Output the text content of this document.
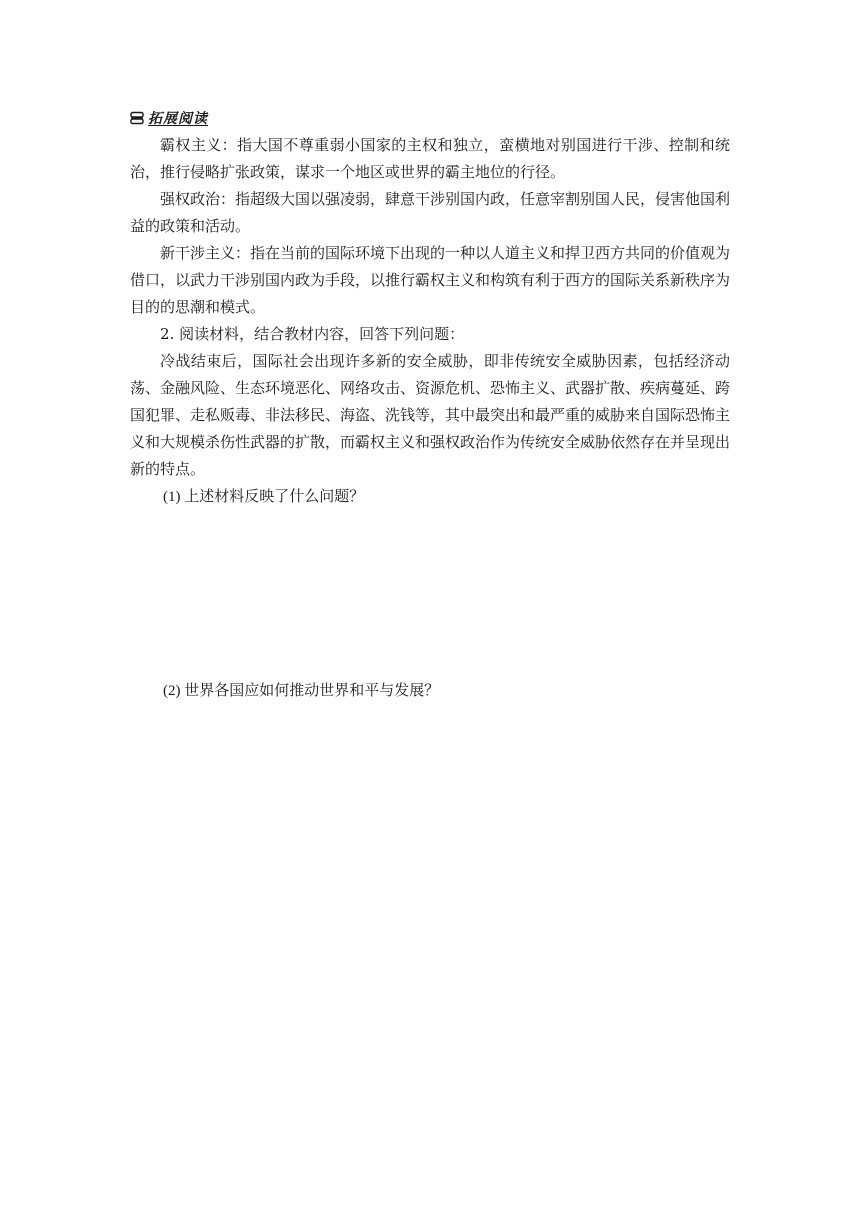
拓展阅读
霸权主义：指大国不尊重弱小国家的主权和独立，蛮横地对别国进行干涉、控制和统治，推行侵略扩张政策，谋求一个地区或世界的霸主地位的行径。
强权政治：指超级大国以强凌弱，肆意干涉别国内政，任意宰割别国人民，侵害他国利益的政策和活动。
新干涉主义：指在当前的国际环境下出现的一种以人道主义和捍卫西方共同的价值观为借口，以武力干涉别国内政为手段，以推行霸权主义和构筑有利于西方的国际关系新秩序为目的的思潮和模式。
2. 阅读材料，结合教材内容，回答下列问题：
冷战结束后，国际社会出现许多新的安全威胁，即非传统安全威胁因素，包括经济动荡、金融风险、生态环境恶化、网络攻击、资源危机、恐怖主义、武器扩散、疾病蔓延、跨国犯罪、走私贩毒、非法移民、海盗、洗钱等，其中最突出和最严重的威胁来自国际恐怖主义和大规模杀伤性武器的扩散，而霸权主义和强权政治作为传统安全威胁依然存在并呈现出新的特点。
(1) 上述材料反映了什么问题？
(2) 世界各国应如何推动世界和平与发展？
